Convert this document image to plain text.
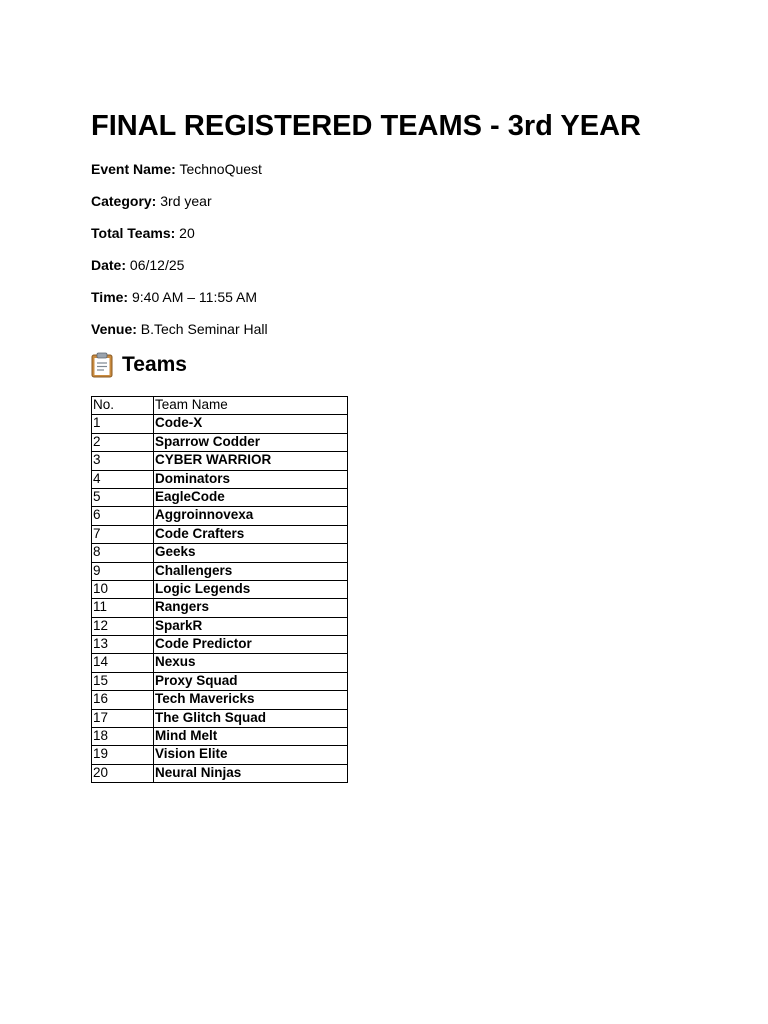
FINAL REGISTERED TEAMS - 3rd YEAR
Event Name: TechnoQuest
Category: 3rd year
Total Teams: 20
Date: 06/12/25
Time: 9:40 AM – 11:55 AM
Venue: B.Tech Seminar Hall
Teams
No.	Team Name
1	Code-X
2	Sparrow Codder
3	CYBER WARRIOR
4	Dominators
5	EagleCode
6	Aggroinnovexa
7	Code Crafters
8	Geeks
9	Challengers
10	Logic Legends
11	Rangers
12	SparkR
13	Code Predictor
14	Nexus
15	Proxy Squad
16	Tech Mavericks
17	The Glitch Squad
18	Mind Melt
19	Vision Elite
20	Neural Ninjas
